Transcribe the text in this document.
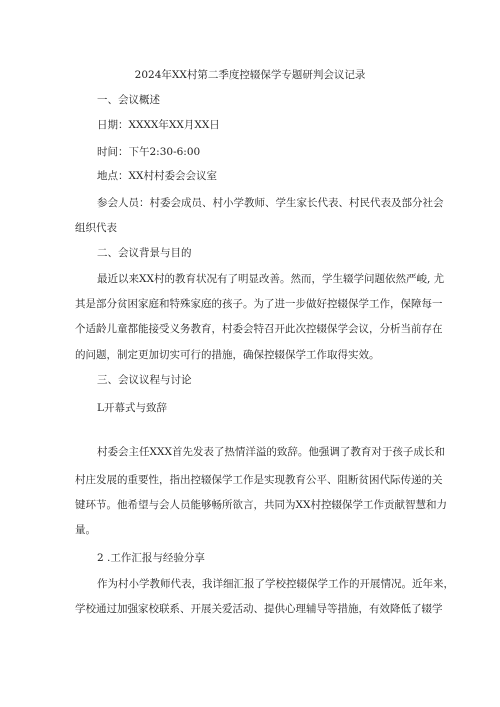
2024年XX村第二季度控辍保学专题研判会议记录
一、会议概述
日期：XXXX年XX月XX日
时间：下午2:30-6:00
地点：XX村村委会会议室
参会人员：村委会成员、村小学教师、学生家长代表、村民代表及部分社会
组织代表
二、会议背景与目的
最近以来XX村的教育状况有了明显改善。然而，学生辍学问题依然严峻, 尤
其是部分贫困家庭和特殊家庭的孩子。为了进一步做好控辍保学工作，保障每一
个适龄儿童都能接受义务教育，村委会特召开此次控辍保学会议，分析当前存在
的问题，制定更加切实可行的措施，确保控辍保学工作取得实效。
三、会议议程与讨论
L开幕式与致辞
村委会主任XXX首先发表了热情洋溢的致辞。他强调了教育对于孩子成长和
村庄发展的重要性，指出控辍保学工作是实现教育公平、阻断贫困代际传递的关
键环节。他希望与会人员能够畅所欲言，共同为XX村控辍保学工作贡献智慧和力
量。
2 .工作汇报与经验分享
作为村小学教师代表，我详细汇报了学校控辍保学工作的开展情况。近年来，
学校通过加强家校联系、开展关爱活动、提供心理辅导等措施，有效降低了辍学
